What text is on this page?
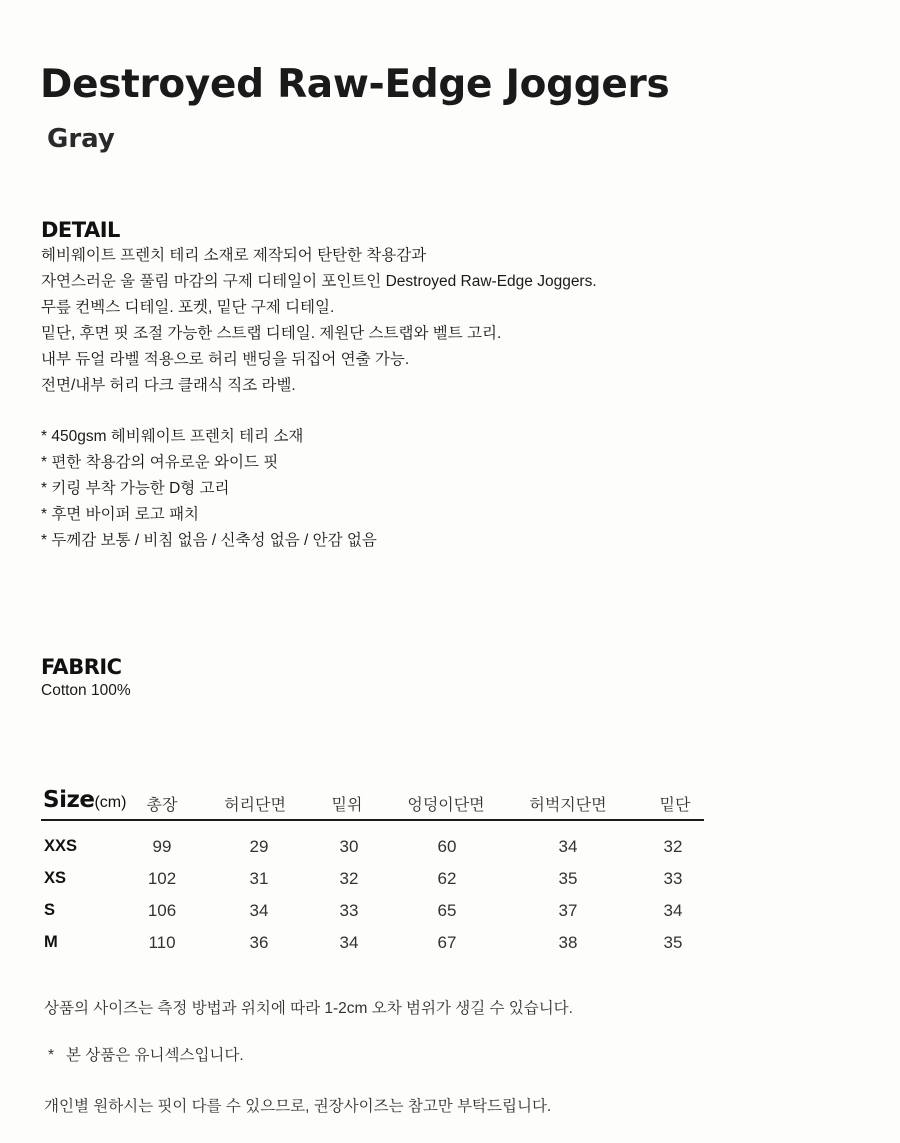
Destroyed Raw-Edge Joggers
Gray
DETAIL
헤비웨이트 프렌치 테리 소재로 제작되어 탄탄한 착용감과
자연스러운 울 풀림 마감의 구제 디테일이 포인트인 Destroyed Raw-Edge Joggers.
무릎 컨벡스 디테일. 포켓, 밑단 구제 디테일.
밑단, 후면 핏 조절 가능한 스트랩 디테일. 제원단 스트랩와 벨트 고리.
내부 듀얼 라벨 적용으로 허리 밴딩을 뒤집어 연출 가능.
전면/내부 허리 다크 클래식 직조 라벨.
* 450gsm 헤비웨이트 프렌치 테리 소재
* 편한 착용감의 여유로운 와이드 핏
* 키링 부착 가능한 D형 고리
* 후면 바이퍼 로고 패치
* 두께감 보통 / 비침 없음 / 신축성 없음 / 안감 없음
FABRIC
Cotton 100%
Size(cm) 총장	허리단면	밑위	엉덩이단면	허벅지단면	밑단
XXS	99	29	30	60	34	32
XS	102	31	32	62	35	33
S	106	34	33	65	37	34
M	110	36	34	67	38	35
상품의 사이즈는 측정 방법과 위치에 따라 1-2cm 오차 범위가 생길 수 있습니다.
* 본 상품은 유니섹스입니다.
개인별 원하시는 핏이 다를 수 있으므로, 권장사이즈는 참고만 부탁드립니다.
